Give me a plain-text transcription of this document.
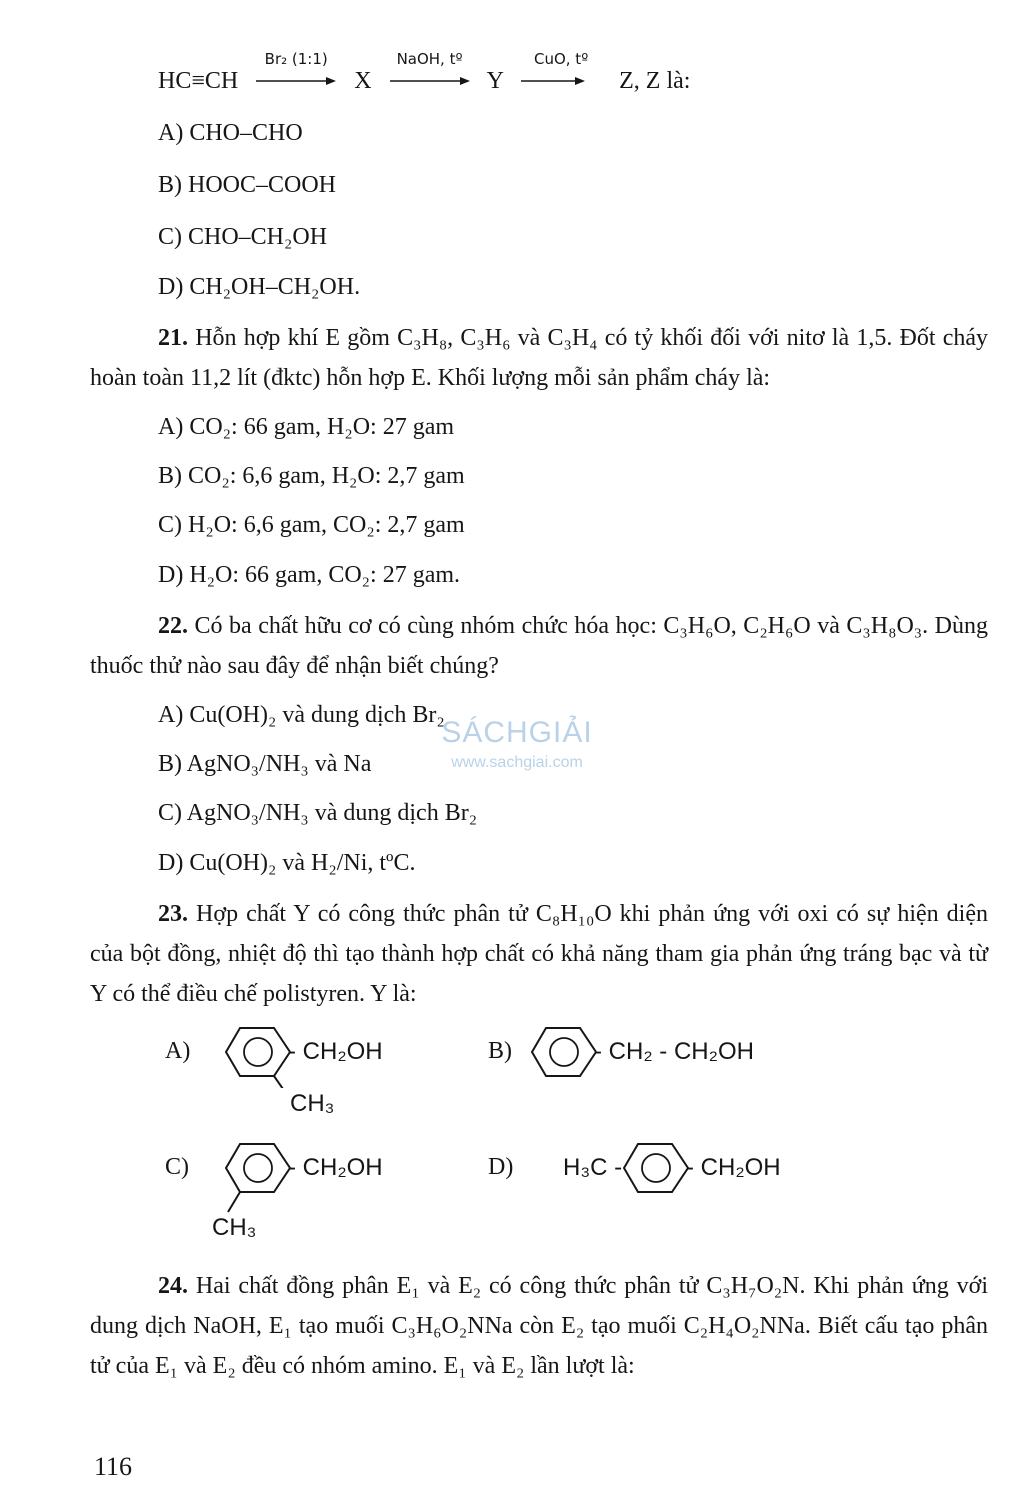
HC≡CH
Br₂ (1:1)
X
NaOH, tº
Y
CuO, tº
Z, Z là:
A) CHO–CHO
B) HOOC–COOH
C) CHO–CH₂OH
D) CH₂OH–CH₂OH.
21. Hỗn hợp khí E gồm C₃H₈, C₃H₆ và C₃H₄ có tỷ khối đối với nitơ là 1,5. Đốt cháy hoàn toàn 11,2 lít (đktc) hỗn hợp E. Khối lượng mỗi sản phẩm cháy là:
A) CO₂: 66 gam, H₂O: 27 gam
B) CO₂: 6,6 gam, H₂O: 2,7 gam
C) H₂O: 6,6 gam, CO₂: 2,7 gam
D) H₂O: 66 gam, CO₂: 27 gam.
22. Có ba chất hữu cơ có cùng nhóm chức hóa học: C₃H₆O, C₂H₆O và C₃H₈O₃. Dùng thuốc thử nào sau đây để nhận biết chúng?
A) Cu(OH)₂ và dung dịch Br₂
B) AgNO₃/NH₃ và Na
C) AgNO₃/NH₃ và dung dịch Br₂
D) Cu(OH)₂ và H₂/Ni, tºC.
SÁCHGIẢI
www.sachgiai.com
23. Hợp chất Y có công thức phân tử C₈H₁₀O khi phản ứng với oxi có sự hiện diện của bột đồng, nhiệt độ thì tạo thành hợp chất có khả năng tham gia phản ứng tráng bạc và từ Y có thể điều chế polistyren. Y là:
A)	- CH₂OH
CH₃
B)	- CH₂ - CH₂OH
C)	- CH₂OH
CH₃
D) H₃C -	- CH₂OH
24. Hai chất đồng phân E₁ và E₂ có công thức phân tử C₃H₇O₂N. Khi phản ứng với dung dịch NaOH, E₁ tạo muối C₃H₆O₂NNa còn E₂ tạo muối C₂H₄O₂NNa. Biết cấu tạo phân tử của E₁ và E₂ đều có nhóm amino. E₁ và E₂ lần lượt là:
116
